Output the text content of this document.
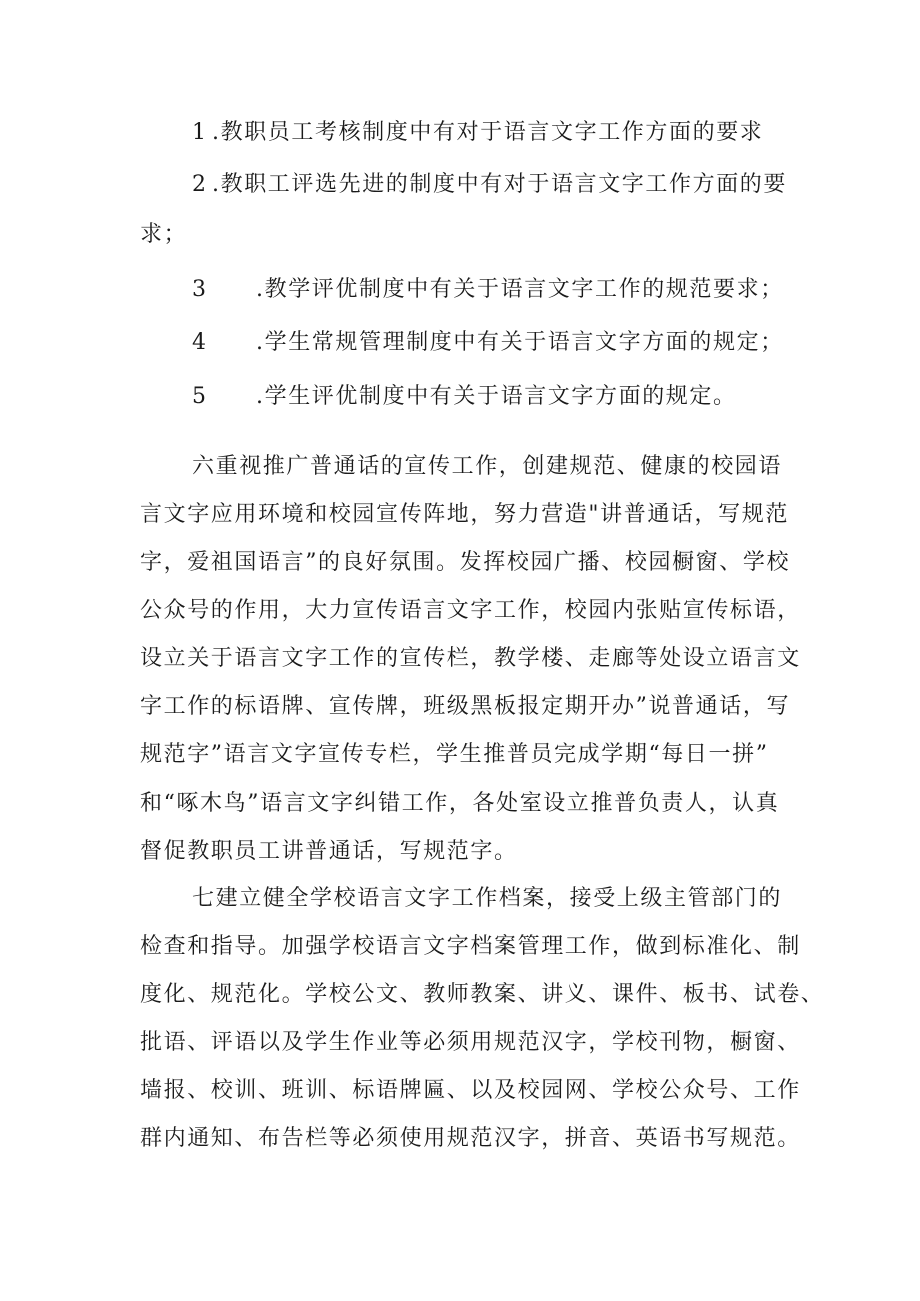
1 .教职员工考核制度中有对于语言文字工作方面的要求
2 .教职工评选先进的制度中有对于语言文字工作方面的要
求；
3 .教学评优制度中有关于语言文字工作的规范要求；
4 .学生常规管理制度中有关于语言文字方面的规定；
5 .学生评优制度中有关于语言文字方面的规定。
六重视推广普通话的宣传工作，创建规范、健康的校园语
言文字应用环境和校园宣传阵地，努力营造"讲普通话，写规范
字，爱祖国语言”的良好氛围。发挥校园广播、校园橱窗、学校
公众号的作用，大力宣传语言文字工作，校园内张贴宣传标语，
设立关于语言文字工作的宣传栏，教学楼、走廊等处设立语言文
字工作的标语牌、宣传牌，班级黑板报定期开办”说普通话，写
规范字”语言文字宣传专栏，学生推普员完成学期“每日一拼”
和“啄木鸟”语言文字纠错工作，各处室设立推普负责人，认真
督促教职员工讲普通话，写规范字。
七建立健全学校语言文字工作档案，接受上级主管部门的
检查和指导。加强学校语言文字档案管理工作，做到标准化、制
度化、规范化。学校公文、教师教案、讲义、课件、板书、试卷、
批语、评语以及学生作业等必须用规范汉字，学校刊物，橱窗、
墙报、校训、班训、标语牌匾、以及校园网、学校公众号、工作
群内通知、布告栏等必须使用规范汉字，拼音、英语书写规范。
